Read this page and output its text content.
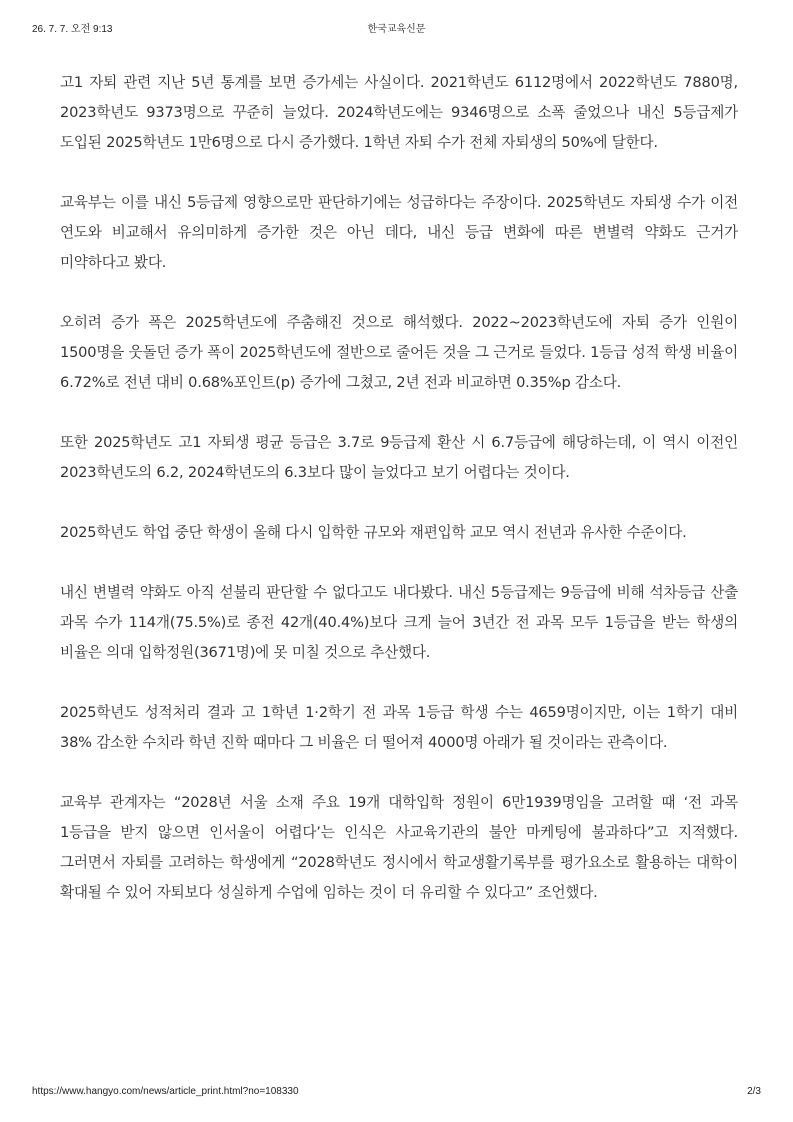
26. 7. 7. 오전 9:13	한국교육신문

고1 자퇴 관련 지난 5년 통계를 보면 증가세는 사실이다. 2021학년도 6112명에서 2022학년도 7880명, 2023학년도 9373명으로 꾸준히 늘었다. 2024학년도에는 9346명으로 소폭 줄었으나 내신 5등급제가 도입된 2025학년도 1만6명으로 다시 증가했다. 1학년 자퇴 수가 전체 자퇴생의 50%에 달한다.

교육부는 이를 내신 5등급제 영향으로만 판단하기에는 성급하다는 주장이다. 2025학년도 자퇴생 수가 이전 연도와 비교해서 유의미하게 증가한 것은 아닌 데다, 내신 등급 변화에 따른 변별력 약화도 근거가 미약하다고 봤다.

오히려 증가 폭은 2025학년도에 주춤해진 것으로 해석했다. 2022~2023학년도에 자퇴 증가 인원이 1500명을 웃돌던 증가 폭이 2025학년도에 절반으로 줄어든 것을 그 근거로 들었다. 1등급 성적 학생 비율이 6.72%로 전년 대비 0.68%포인트(p) 증가에 그쳤고, 2년 전과 비교하면 0.35%p 감소다.

또한 2025학년도 고1 자퇴생 평균 등급은 3.7로 9등급제 환산 시 6.7등급에 해당하는데, 이 역시 이전인 2023학년도의 6.2, 2024학년도의 6.3보다 많이 늘었다고 보기 어렵다는 것이다.

2025학년도 학업 중단 학생이 올해 다시 입학한 규모와 재편입학 교모 역시 전년과 유사한 수준이다.

내신 변별력 약화도 아직 섣불리 판단할 수 없다고도 내다봤다. 내신 5등급제는 9등급에 비해 석차등급 산출 과목 수가 114개(75.5%)로 종전 42개(40.4%)보다 크게 늘어 3년간 전 과목 모두 1등급을 받는 학생의 비율은 의대 입학정원(3671명)에 못 미칠 것으로 추산했다.

2025학년도 성적처리 결과 고 1학년 1·2학기 전 과목 1등급 학생 수는 4659명이지만, 이는 1학기 대비 38% 감소한 수치라 학년 진학 때마다 그 비율은 더 떨어져 4000명 아래가 될 것이라는 관측이다.

교육부 관계자는 “2028년 서울 소재 주요 19개 대학입학 정원이 6만1939명임을 고려할 때 ‘전 과목 1등급을 받지 않으면 인서울이 어렵다’는 인식은 사교육기관의 불안 마케팅에 불과하다”고 지적했다. 그러면서 자퇴를 고려하는 학생에게 “2028학년도 정시에서 학교생활기록부를 평가요소로 활용하는 대학이 확대될 수 있어 자퇴보다 성실하게 수업에 임하는 것이 더 유리할 수 있다고” 조언했다.

https://www.hangyo.com/news/article_print.html?no=108330	2/3
